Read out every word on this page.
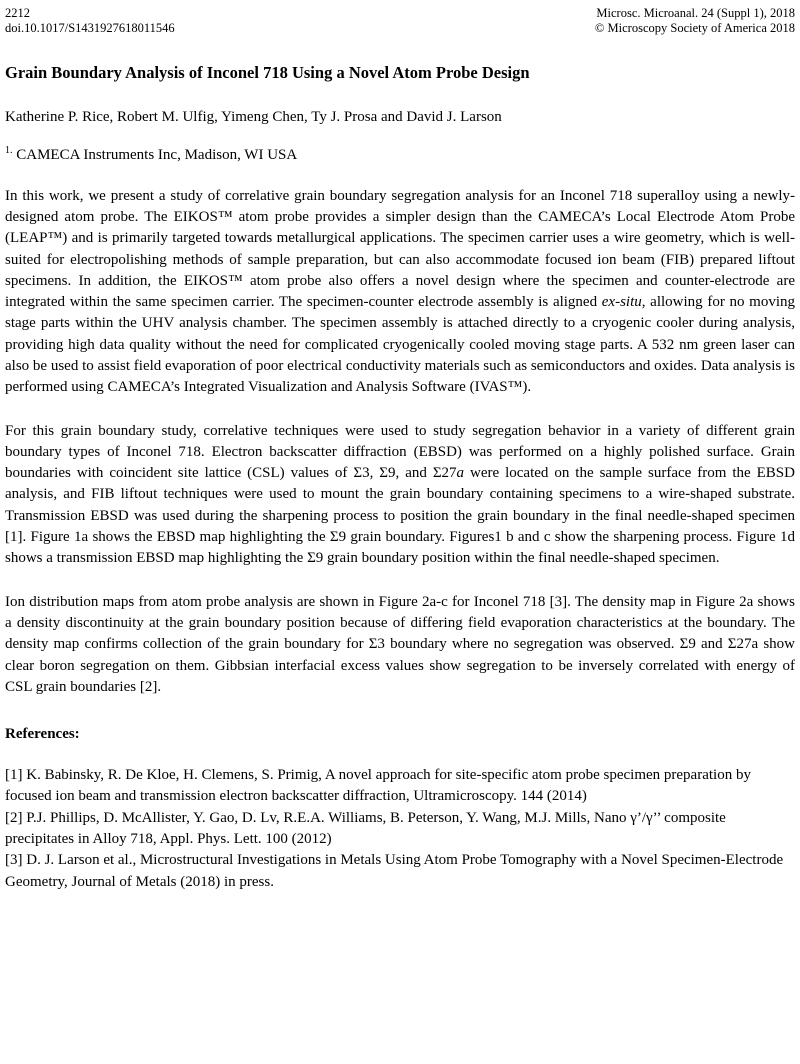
2212
doi.10.1017/S1431927618011546
Microsc. Microanal. 24 (Suppl 1), 2018
© Microscopy Society of America 2018
Grain Boundary Analysis of Inconel 718 Using a Novel Atom Probe Design

Katherine P. Rice, Robert M. Ulfig, Yimeng Chen, Ty J. Prosa and David J. Larson

$^{1.}$ CAMECA Instruments Inc, Madison, WI USA

In this work, we present a study of correlative grain boundary segregation analysis for an Inconel 718 superalloy using a newly-designed atom probe. The EIKOS™ atom probe provides a simpler design than the CAMECA’s Local Electrode Atom Probe (LEAP™) and is primarily targeted towards metallurgical applications. The specimen carrier uses a wire geometry, which is well-suited for electropolishing methods of sample preparation, but can also accommodate focused ion beam (FIB) prepared liftout specimens. In addition, the EIKOS™ atom probe also offers a novel design where the specimen and counter-electrode are integrated within the same specimen carrier. The specimen-counter electrode assembly is aligned ex-situ, allowing for no moving stage parts within the UHV analysis chamber. The specimen assembly is attached directly to a cryogenic cooler during analysis, providing high data quality without the need for complicated cryogenically cooled moving stage parts. A 532 nm green laser can also be used to assist field evaporation of poor electrical conductivity materials such as semiconductors and oxides. Data analysis is performed using CAMECA’s Integrated Visualization and Analysis Software (IVAS™).

For this grain boundary study, correlative techniques were used to study segregation behavior in a variety of different grain boundary types of Inconel 718. Electron backscatter diffraction (EBSD) was performed on a highly polished surface. Grain boundaries with coincident site lattice (CSL) values of Σ3, Σ9, and Σ27a were located on the sample surface from the EBSD analysis, and FIB liftout techniques were used to mount the grain boundary containing specimens to a wire-shaped substrate. Transmission EBSD was used during the sharpening process to position the grain boundary in the final needle-shaped specimen [1]. Figure 1a shows the EBSD map highlighting the Σ9 grain boundary. Figures1 b and c show the sharpening process. Figure 1d shows a transmission EBSD map highlighting the Σ9 grain boundary position within the final needle-shaped specimen.

Ion distribution maps from atom probe analysis are shown in Figure 2a-c for Inconel 718 [3]. The density map in Figure 2a shows a density discontinuity at the grain boundary position because of differing field evaporation characteristics at the boundary. The density map confirms collection of the grain boundary for Σ3 boundary where no segregation was observed. Σ9 and Σ27a show clear boron segregation on them. Gibbsian interfacial excess values show segregation to be inversely correlated with energy of CSL grain boundaries [2].

References:

[1] K. Babinsky, R. De Kloe, H. Clemens, S. Primig, A novel approach for site-specific atom probe specimen preparation by focused ion beam and transmission electron backscatter diffraction, Ultramicroscopy. 144 (2014)

[2] P.J. Phillips, D. McAllister, Y. Gao, D. Lv, R.E.A. Williams, B. Peterson, Y. Wang, M.J. Mills, Nano γ’/γ’’ composite precipitates in Alloy 718, Appl. Phys. Lett. 100 (2012)

[3] D. J. Larson et al., Microstructural Investigations in Metals Using Atom Probe Tomography with a Novel Specimen-Electrode Geometry, Journal of Metals (2018) in press.
